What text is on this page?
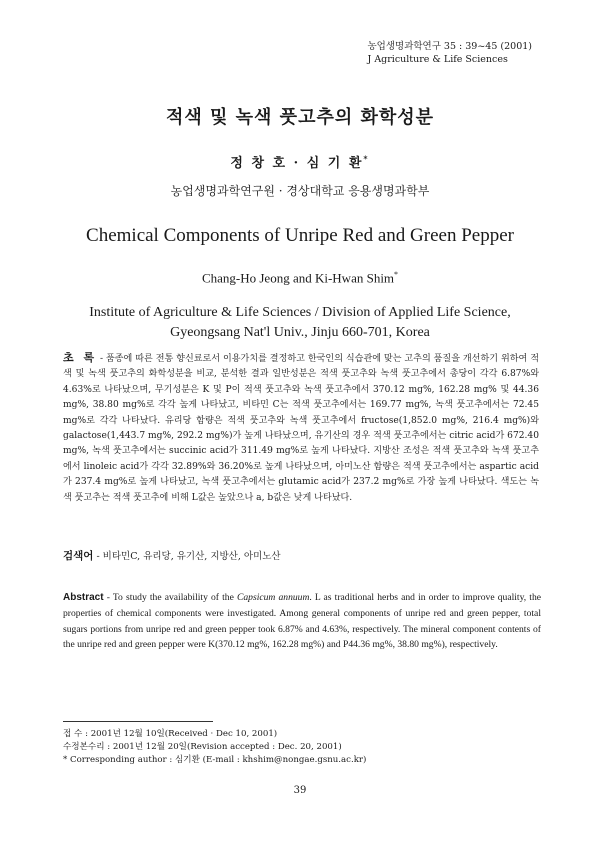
농업생명과학연구 35 : 39~45 (2001)
J Agriculture & Life Sciences
적색 및 녹색 풋고추의 화학성분
정 창 호 · 심 기 환*
농업생명과학연구원 · 경상대학교 응용생명과학부
Chemical Components of Unripe Red and Green Pepper
Chang-Ho Jeong and Ki-Hwan Shim*
Institute of Agriculture & Life Sciences / Division of Applied Life Science,
Gyeongsang Nat'l Univ., Jinju 660-701, Korea
초 록 - 품종에 따른 전통 향신료로서 이용가치를 결정하고 한국인의 식습관에 맞는 고추의 품질을 개선하기 위하여 적색 및 녹색 풋고추의 화학성분을 비교, 분석한 결과 일반성분은 적색 풋고추와 녹색 풋고추에서 총당이 각각 6.87%와 4.63%로 나타났으며, 무기성분은 K 및 P이 적색 풋고추와 녹색 풋고추에서 370.12 mg%, 162.28 mg% 및 44.36 mg%, 38.80 mg%로 각각 높게 나타났고, 비타민 C는 적색 풋고추에서는 169.77 mg%, 녹색 풋고추에서는 72.45 mg%로 각각 나타났다. 유리당 함량은 적색 풋고추와 녹색 풋고추에서 fructose(1,852.0 mg%, 216.4 mg%)와 galactose(1,443.7 mg%, 292.2 mg%)가 높게 나타났으며, 유기산의 경우 적색 풋고추에서는 citric acid가 672.40 mg%, 녹색 풋고추에서는 succinic acid가 311.49 mg%로 높게 나타났다. 지방산 조성은 적색 풋고추와 녹색 풋고추에서 linoleic acid가 각각 32.89%와 36.20%로 높게 나타났으며, 아미노산 함량은 적색 풋고추에서는 aspartic acid가 237.4 mg%로 높게 나타났고, 녹색 풋고추에서는 glutamic acid가 237.2 mg%로 가장 높게 나타났다. 색도는 녹색 풋고추는 적색 풋고추에 비해 L값은 높았으나 a, b값은 낮게 나타났다.
검색어 - 비타민C, 유리당, 유기산, 지방산, 아미노산
Abstract - To study the availability of the Capsicum annuum. L as traditional herbs and in order to improve quality, the properties of chemical components were investigated. Among general components of unripe red and green pepper, total sugars portions from unripe red and green pepper took 6.87% and 4.63%, respectively. The mineral component contents of the unripe red and green pepper were K(370.12 mg%, 162.28 mg%) and P44.36 mg%, 38.80 mg%), respectively.
접 수 : 2001년 12월 10일(Received · Dec 10, 2001)
수정본수리 : 2001년 12월 20일(Revision accepted : Dec. 20, 2001)
* Corresponding author : 심기환 (E-mail : khshim@nongae.gsnu.ac.kr)
39
